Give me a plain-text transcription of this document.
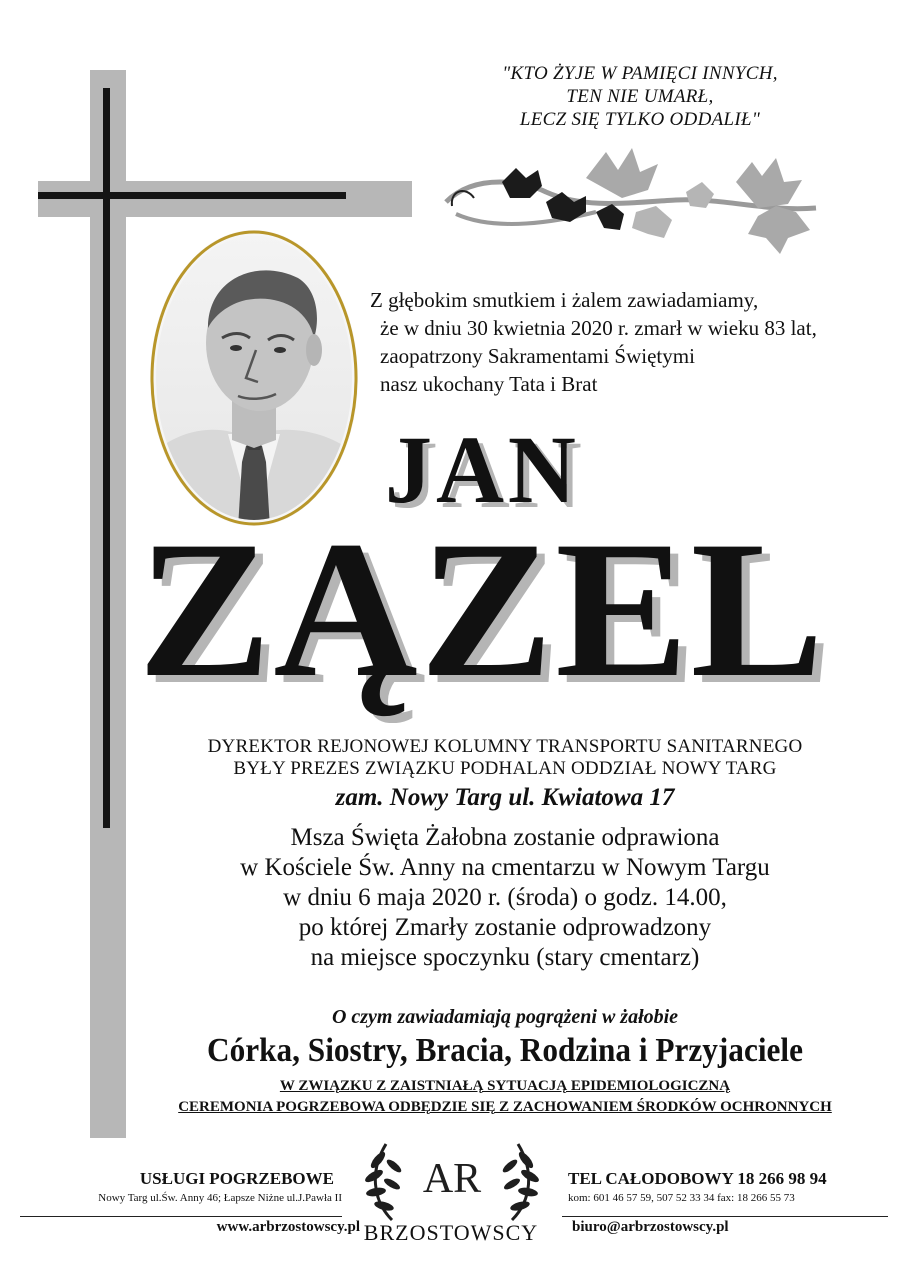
"KTO ŻYJE W PAMIĘCI INNYCH,
TEN NIE UMARŁ,
LECZ SIĘ TYLKO ODDALIŁ"
Z głębokim smutkiem i żalem zawiadamiamy,
że w dniu 30 kwietnia 2020 r. zmarł w wieku 83 lat,
zaopatrzony Sakramentami Świętymi
nasz ukochany Tata i Brat
JAN
ZĄZEL
DYREKTOR REJONOWEJ KOLUMNY TRANSPORTU SANITARNEGO
BYŁY PREZES ZWIĄZKU PODHALAN ODDZIAŁ NOWY TARG
zam. Nowy Targ ul. Kwiatowa 17
Msza Święta Żałobna zostanie odprawiona
w Kościele Św. Anny na cmentarzu w Nowym Targu
w dniu 6 maja 2020 r. (środa) o godz. 14.00,
po której Zmarły zostanie odprowadzony
na miejsce spoczynku (stary cmentarz)
O czym zawiadamiają pogrążeni w żałobie
Córka, Siostry, Bracia, Rodzina i Przyjaciele
W ZWIĄZKU Z ZAISTNIAŁĄ SYTUACJĄ EPIDEMIOLOGICZNĄ
CEREMONIA POGRZEBOWA ODBĘDZIE SIĘ Z ZACHOWANIEM ŚRODKÓW OCHRONNYCH
USŁUGI POGRZEBOWE
Nowy Targ ul.Św. Anny 46; Łapsze Niżne ul.J.Pawła II
www.arbrzostowscy.pl
AR
BRZOSTOWSCY
TEL CAŁODOBOWY 18 266 98 94
kom: 601 46 57 59, 507 52 33 34 fax: 18 266 55 73
biuro@arbrzostowscy.pl
